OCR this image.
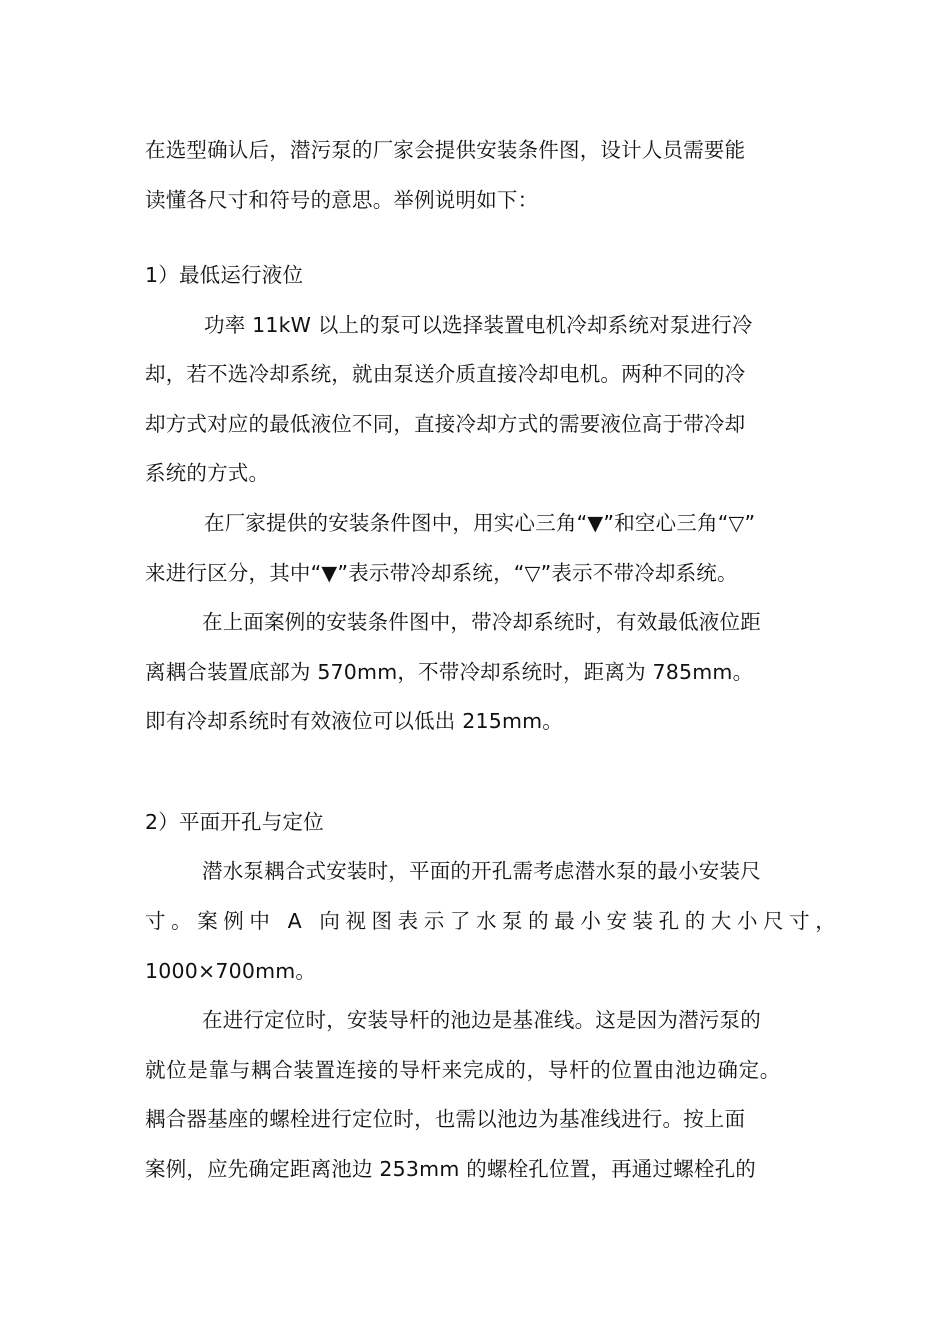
在选型确认后，潜污泵的厂家会提供安装条件图，设计人员需要能
读懂各尺寸和符号的意思。举例说明如下：
1）最低运行液位
功率 11kW 以上的泵可以选择装置电机冷却系统对泵进行冷
却，若不选冷却系统，就由泵送介质直接冷却电机。两种不同的冷
却方式对应的最低液位不同，直接冷却方式的需要液位高于带冷却
系统的方式。
在厂家提供的安装条件图中，用实心三角“▼”和空心三角“▽”
来进行区分，其中“▼”表示带冷却系统，“▽”表示不带冷却系统。
在上面案例的安装条件图中，带冷却系统时，有效最低液位距
离耦合装置底部为 570mm，不带冷却系统时，距离为 785mm。
即有冷却系统时有效液位可以低出 215mm。
2）平面开孔与定位
潜水泵耦合式安装时，平面的开孔需考虑潜水泵的最小安装尺
寸。案例中 A 向视图表示了水泵的最小安装孔的大小尺寸，
1000×700mm。
在进行定位时，安装导杆的池边是基准线。这是因为潜污泵的
就位是靠与耦合装置连接的导杆来完成的，导杆的位置由池边确定。
耦合器基座的螺栓进行定位时，也需以池边为基准线进行。按上面
案例，应先确定距离池边 253mm 的螺栓孔位置，再通过螺栓孔的
